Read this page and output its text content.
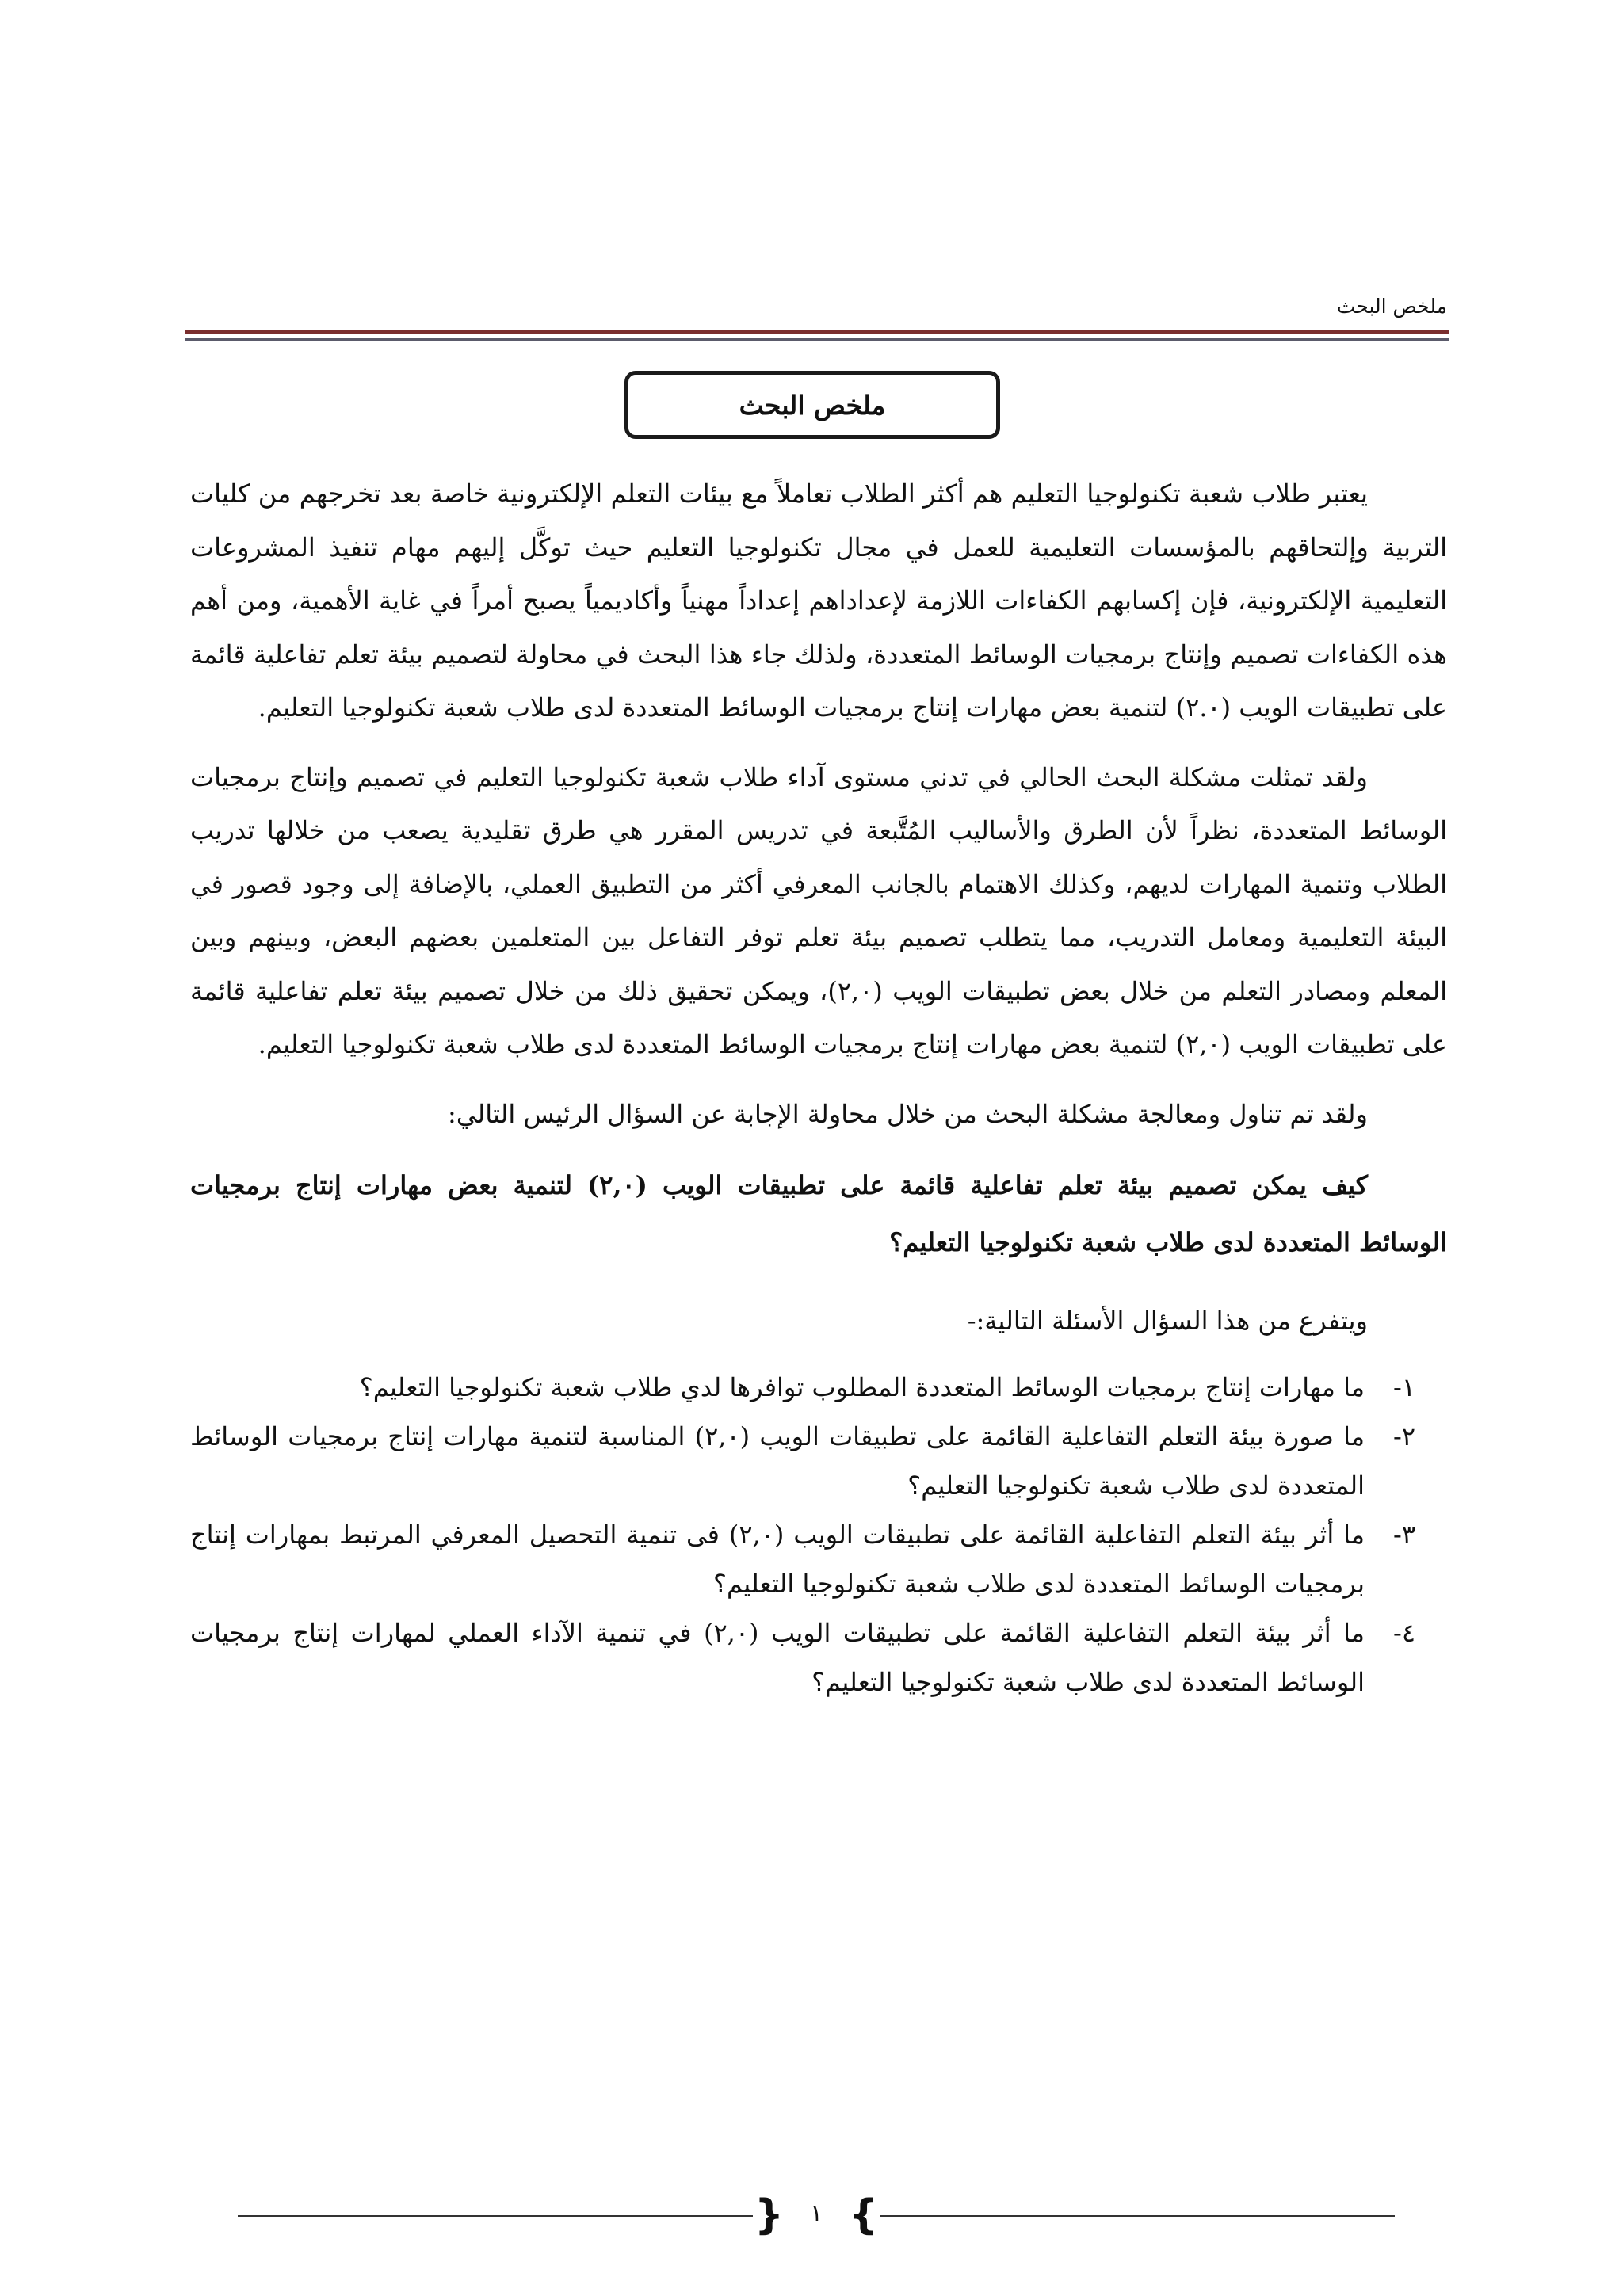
ملخص البحث
ملخص البحث

يعتبر طلاب شعبة تكنولوجيا التعليم هم أكثر الطلاب تعاملاً مع بيئات التعلم الإلكترونية خاصة بعد تخرجهم من كليات التربية وإلتحاقهم بالمؤسسات التعليمية للعمل في مجال تكنولوجيا التعليم حيث توكَّل إليهم مهام تنفيذ المشروعات التعليمية الإلكترونية، فإن إكسابهم الكفاءات اللازمة لإعداداهم إعداداً مهنياً وأكاديمياً يصبح أمراً في غاية الأهمية، ومن أهم هذه الكفاءات تصميم وإنتاج برمجيات الوسائط المتعددة، ولذلك جاء هذا البحث في محاولة لتصميم بيئة تعلم تفاعلية قائمة على تطبيقات الويب (٢.٠) لتنمية بعض مهارات إنتاج برمجيات الوسائط المتعددة لدى طلاب شعبة تكنولوجيا التعليم.

ولقد تمثلت مشكلة البحث الحالي في تدني مستوى آداء طلاب شعبة تكنولوجيا التعليم في تصميم وإنتاج برمجيات الوسائط المتعددة، نظراً لأن الطرق والأساليب المُتَّبعة في تدريس المقرر هي طرق تقليدية يصعب من خلالها تدريب الطلاب وتنمية المهارات لديهم، وكذلك الاهتمام بالجانب المعرفي أكثر من التطبيق العملي، بالإضافة إلى وجود قصور في البيئة التعليمية ومعامل التدريب، مما يتطلب تصميم بيئة تعلم توفر التفاعل بين المتعلمين بعضهم البعض، وبينهم وبين المعلم ومصادر التعلم من خلال بعض تطبيقات الويب (٢,٠)، ويمكن تحقيق ذلك من خلال تصميم بيئة تعلم تفاعلية قائمة على تطبيقات الويب (٢,٠) لتنمية بعض مهارات إنتاج برمجيات الوسائط المتعددة لدى طلاب شعبة تكنولوجيا التعليم.

ولقد تم تناول ومعالجة مشكلة البحث من خلال محاولة الإجابة عن السؤال الرئيس التالي:

كيف يمكن تصميم بيئة تعلم تفاعلية قائمة على تطبيقات الويب (٢,٠) لتنمية بعض مهارات إنتاج برمجيات الوسائط المتعددة لدى طلاب شعبة تكنولوجيا التعليم؟

ويتفرع من هذا السؤال الأسئلة التالية:-

١-
ما مهارات إنتاج برمجيات الوسائط المتعددة المطلوب توافرها لدي طلاب شعبة تكنولوجيا التعليم؟
٢-
ما صورة بيئة التعلم التفاعلية القائمة على تطبيقات الويب (٢,٠) المناسبة لتنمية مهارات إنتاج برمجيات الوسائط المتعددة لدى طلاب شعبة تكنولوجيا التعليم؟
٣-
ما أثر بيئة التعلم التفاعلية القائمة على تطبيقات الويب (٢,٠) فى تنمية التحصيل المعرفي المرتبط بمهارات إنتاج برمجيات الوسائط المتعددة لدى طلاب شعبة تكنولوجيا التعليم؟
٤-
ما أثر بيئة التعلم التفاعلية القائمة على تطبيقات الويب (٢,٠) في تنمية الآداء العملي لمهارات إنتاج برمجيات الوسائط المتعددة لدى طلاب شعبة تكنولوجيا التعليم؟
{ }
١
